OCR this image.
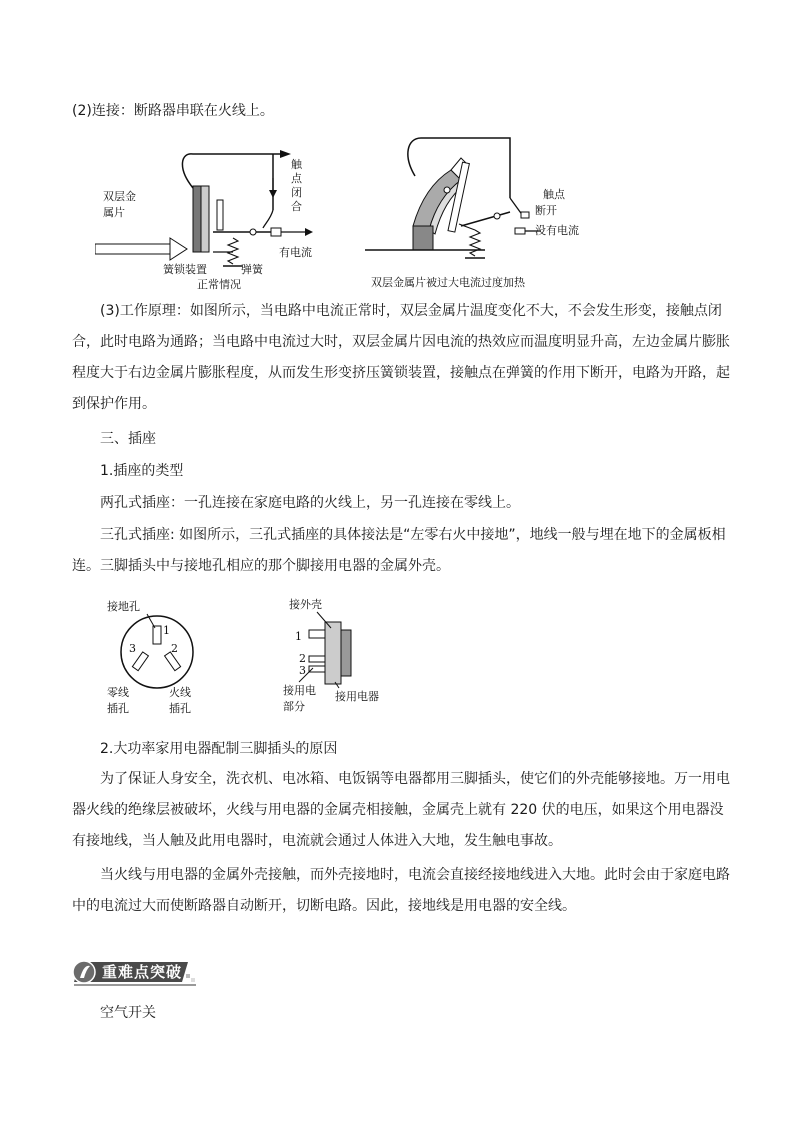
(2)连接：断路器串联在火线上。

双层金
属片
触
点
闭
合
有电流
簧锁装置	弹簧
正常情况
触点
断开
没有电流
双层金属片被过大电流过度加热

(3)工作原理：如图所示，当电路中电流正常时，双层金属片温度变化不大，不会发生形变，接触点闭合，此时电路为通路；当电路中电流过大时，双层金属片因电流的热效应而温度明显升高，左边金属片膨胀程度大于右边金属片膨胀程度，从而发生形变挤压簧锁装置，接触点在弹簧的作用下断开，电路为开路，起到保护作用。

三、插座

1.插座的类型

两孔式插座：一孔连接在家庭电路的火线上，另一孔连接在零线上。

三孔式插座: 如图所示，三孔式插座的具体接法是“左零右火中接地”，地线一般与埋在地下的金属板相连。三脚插头中与接地孔相应的那个脚接用电器的金属外壳。

接地孔
1
2
3
零线
插孔
火线
插孔
接外壳
1
2
3
接用电
部分
接用电器

2.大功率家用电器配制三脚插头的原因

为了保证人身安全，洗衣机、电冰箱、电饭锅等电器都用三脚插头，使它们的外壳能够接地。万一用电器火线的绝缘层被破坏，火线与用电器的金属壳相接触，金属壳上就有 220 伏的电压，如果这个用电器没有接地线，当人触及此用电器时，电流就会通过人体进入大地，发生触电事故。

当火线与用电器的金属外壳接触，而外壳接地时，电流会直接经接地线进入大地。此时会由于家庭电路中的电流过大而使断路器自动断开，切断电路。因此，接地线是用电器的安全线。

重难点突破
空气开关
